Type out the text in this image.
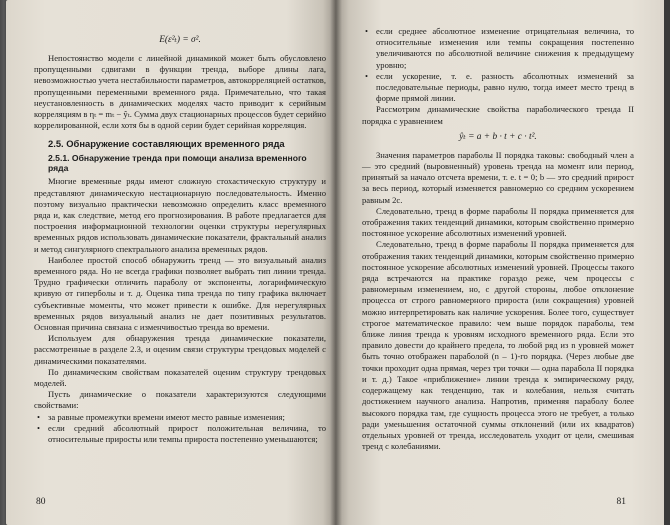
E(ε²ₜ) = σ².

Непостоянство модели с линейной динамикой может быть обусловлено пропущенными сдвигами в функции тренда, выборе длины лага, невозможностью учета нестабильности параметров, автокорреляцией остатков, пропущенными переменными временного ряда. Примечательно, что такая неустановленность в динамических моделях часто приводит к серийным корреляциям в ηₜ = mₜ − ŷₜ. Сумма двух стационарных процессов будет серийно коррелированной, если хотя бы в одной серии будет серийная корреляция.

2.5. Обнаружение составляющих временного ряда
2.5.1. Обнаружение тренда при помощи анализа временного ряда

Многие временные ряды имеют сложную стохастическую структуру и представляют динамическую нестационарную последовательность. Именно поэтому визуально практически невозможно определить класс временного ряда и, как следствие, метод его прогнозирования. В работе предлагается для построения информационной технологии оценки структуры нерегулярных временных рядов использовать динамические показатели, фрактальный анализ и метод сингулярного спектрального анализа временных рядов.

Наиболее простой способ обнаружить тренд — это визуальный анализ временного ряда. Но не всегда графики позволяет выбрать тип линии тренда. Трудно графически отличить параболу от экспоненты, логарифмическую кривую от гиперболы и т. д. Оценка типа тренда по типу графика включает субъективные моменты, что может привести к ошибке. Для нерегулярных временных рядов визуальный анализ не дает позитивных результатов. Основная причина связана с изменчивостью тренда во времени.

Используем для обнаружения тренда динамические показатели, рассмотренные в разделе 2.3, и оценим связи структуры трендовых моделей с динамическими показателями.

По динамическим свойствам показателей оценим структуру трендовых моделей.

Пусть динамические о показатели характеризуются следующими свойствами:

• за равные промежутки времени имеют место равные изменения;
• если средний абсолютный прирост положительная величина, то относительные приросты или темпы прироста постепенно уменьшаются;
80
• если среднее абсолютное изменение отрицательная величина, то относительные изменения или темпы сокращения постепенно увеличиваются по абсолютной величине снижения к предыдущему уровню;
• если ускорение, т. е. разность абсолютных изменений за последовательные периоды, равно нулю, тогда имеет место тренд в форме прямой линии.

Рассмотрим динамические свойства параболического тренда II порядка с уравнением

ŷₜ = a + b · t + c · t².

Значения параметров параболы II порядка таковы: свободный член a — это средний (выровненный) уровень тренда на момент или период, принятый за начало отсчета времени, т. е. t = 0; b — это средний прирост за весь период, который изменяется равномерно со средним ускорением равным 2c.

Следовательно, тренд в форме параболы II порядка применяется для отображения таких тенденций динамики, которым свойственно примерно постоянное ускорение абсолютных изменений уровней.

Следовательно, тренд в форме параболы II порядка применяется для отображения таких тенденций динамики, которым свойственно примерно постоянное ускорение абсолютных изменений уровней. Процессы такого ряда встречаются на практике гораздо реже, чем процессы с равномерным изменением, но, с другой стороны, любое отклонение процесса от строго равномерного прироста (или сокращения) уровней можно интерпретировать как наличие ускорения. Более того, существует строгое математическое правило: чем выше порядок параболы, тем ближе линия тренда к уровням исходного временного ряда. Если это правило довести до крайнего предела, то любой ряд из n уровней может быть точно отображен параболой (n – 1)-го порядка. (Через любые две точки проходит одна прямая, через три точки — одна парабола II порядка и т. д.) Такое «приближение» линии тренда к эмпирическому ряду, содержащему как тенденцию, так и колебания, нельзя считать достижением научного анализа. Напротив, применяя параболу более высокого порядка там, где сущность процесса этого не требует, а только ради уменьшения остаточной суммы отклонений (или их квадратов) отдельных уровней от тренда, исследователь уходит от цели, смешивая тренд с колебаниями.

81
